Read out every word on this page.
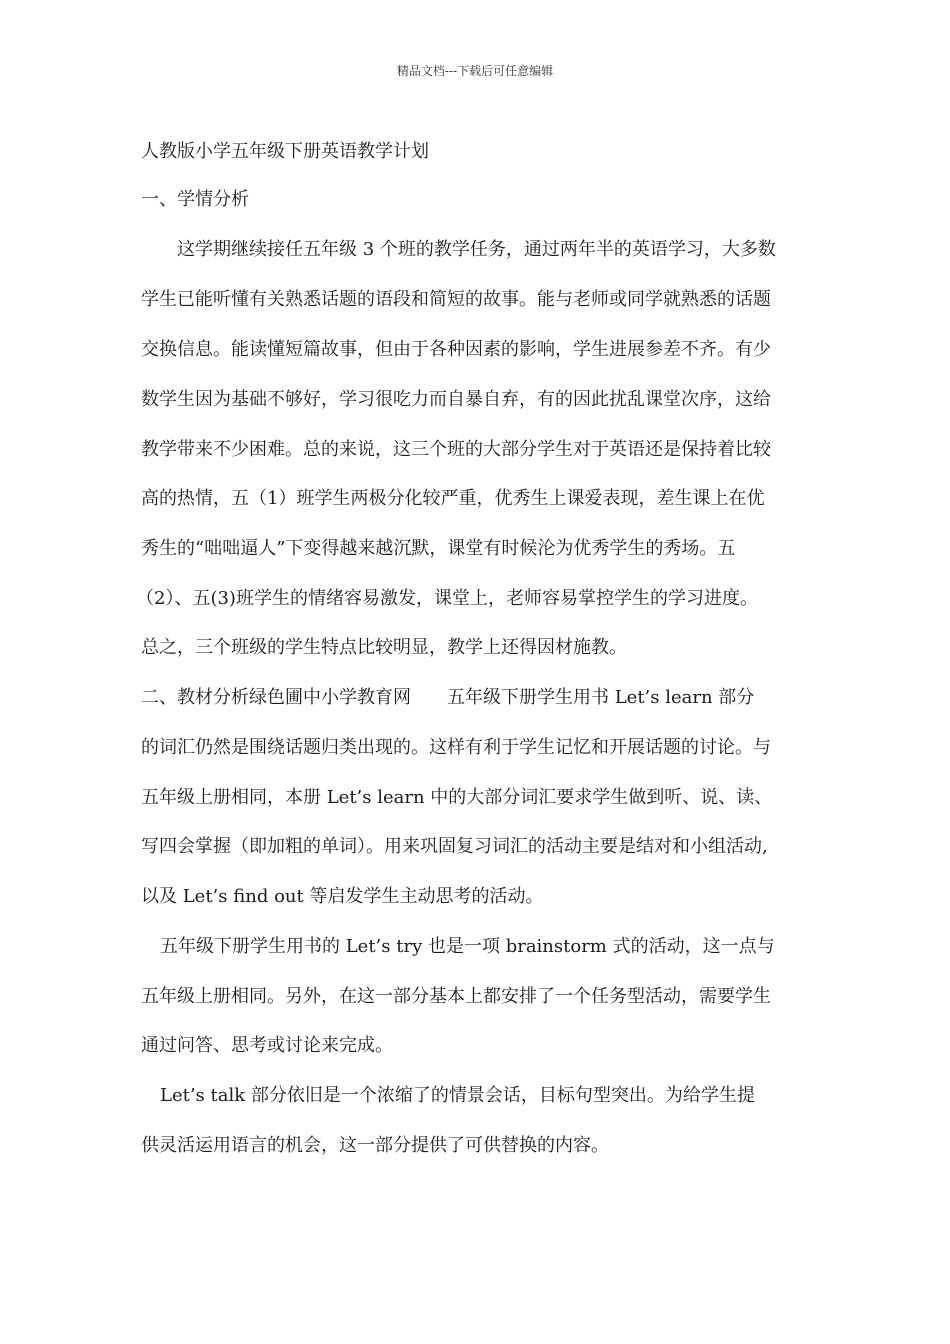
精品文档---下载后可任意编辑
人教版小学五年级下册英语教学计划
一、学情分析
这学期继续接任五年级 3 个班的教学任务，通过两年半的英语学习，大多数
学生已能听懂有关熟悉话题的语段和简短的故事。能与老师或同学就熟悉的话题
交换信息。能读懂短篇故事，但由于各种因素的影响，学生进展参差不齐。有少
数学生因为基础不够好，学习很吃力而自暴自弃，有的因此扰乱课堂次序，这给
教学带来不少困难。总的来说，这三个班的大部分学生对于英语还是保持着比较
高的热情，五（1）班学生两极分化较严重，优秀生上课爱表现，差生课上在优
秀生的“咄咄逼人”下变得越来越沉默，课堂有时候沦为优秀学生的秀场。五
（2）、五(3)班学生的情绪容易激发，课堂上，老师容易掌控学生的学习进度。
总之，三个班级的学生特点比较明显，教学上还得因材施教。
二、教材分析绿色圃中小学教育网　　五年级下册学生用书 Let’s learn 部分
的词汇仍然是围绕话题归类出现的。这样有利于学生记忆和开展话题的讨论。与
五年级上册相同，本册 Let’s learn 中的大部分词汇要求学生做到听、说、读、
写四会掌握（即加粗的单词）。用来巩固复习词汇的活动主要是结对和小组活动,
以及 Let’s find out 等启发学生主动思考的活动。
五年级下册学生用书的 Let’s try 也是一项 brainstorm 式的活动，这一点与
五年级上册相同。另外，在这一部分基本上都安排了一个任务型活动，需要学生
通过问答、思考或讨论来完成。
Let’s talk 部分依旧是一个浓缩了的情景会话，目标句型突出。为给学生提
供灵活运用语言的机会，这一部分提供了可供替换的内容。
